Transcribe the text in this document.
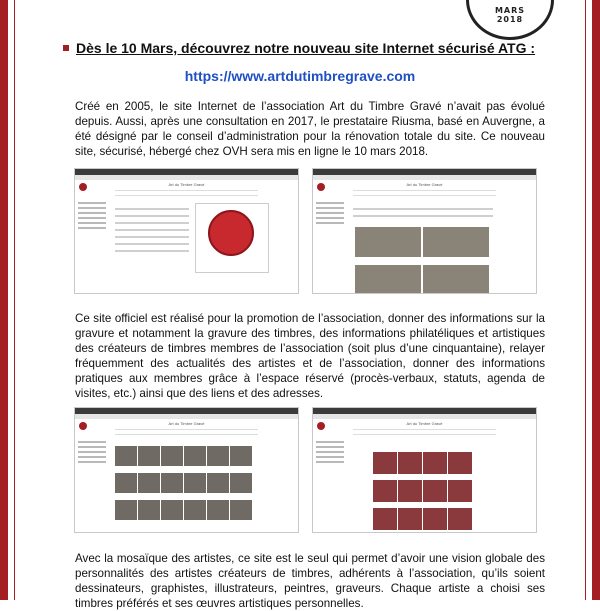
MARS
2018
Dès le 10 Mars, découvrez notre nouveau site Internet sécurisé ATG :
https://www.artdutimbregrave.com

Créé en 2005, le site Internet de l’association Art du Timbre Gravé n’avait pas évolué depuis. Aussi, après une consultation en 2017, le prestataire Riusma, basé en Auvergne, a été désigné par le conseil d’administration pour la rénovation totale du site. Ce nouveau site, sécurisé, hébergé chez OVH sera mis en ligne le 10 mars 2018.

Art du Timbre Gravé	Art du Timbre Gravé

Ce site officiel est réalisé pour la promotion de l’association, donner des informations sur la gravure et notamment la gravure des timbres, des informations philatéliques et artistiques des créateurs de timbres membres de l’association (soit plus d’une cinquantaine), relayer fréquemment des actualités des artistes et de l’association, donner des informations pratiques aux membres grâce à l’espace réservé (procès-verbaux, statuts, agenda de visites, etc.) ainsi que des liens et des adresses.

Art du Timbre Gravé	Art du Timbre Gravé

Avec la mosaïque des artistes, ce site est le seul qui permet d’avoir une vision globale des personnalités des artistes créateurs de timbres, adhérents à l’association, qu’ils soient dessinateurs, graphistes, illustrateurs, peintres, graveurs. Chaque artiste a choisi ses timbres préférés et ses œuvres artistiques personnelles.
